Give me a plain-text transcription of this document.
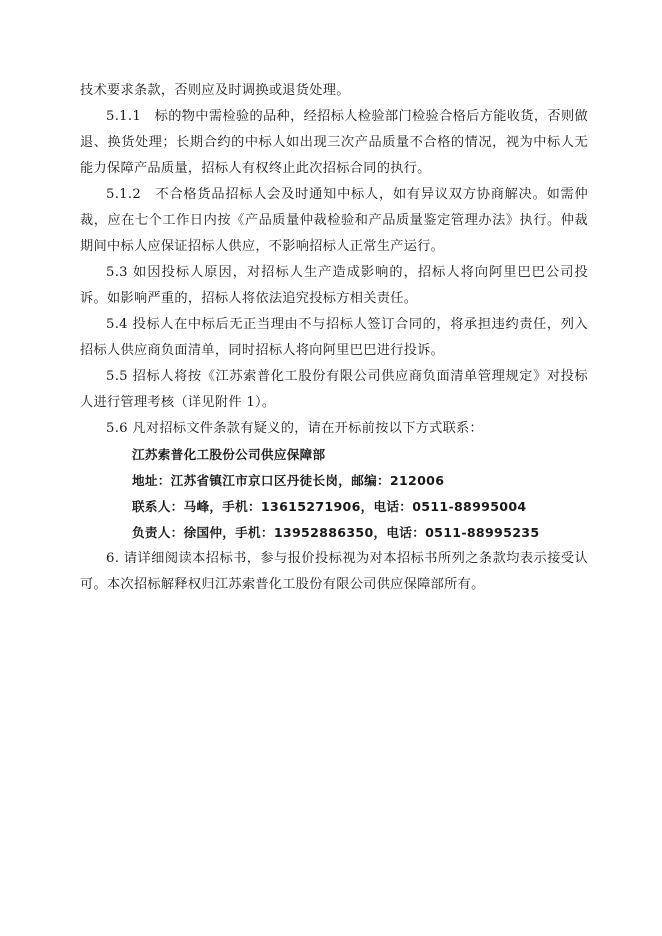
技术要求条款，否则应及时调换或退货处理。

5.1.1　标的物中需检验的品种，经招标人检验部门检验合格后方能收货，否则做退、换货处理；长期合约的中标人如出现三次产品质量不合格的情况，视为中标人无能力保障产品质量，招标人有权终止此次招标合同的执行。

5.1.2　不合格货品招标人会及时通知中标人，如有异议双方协商解决。如需仲裁，应在七个工作日内按《产品质量仲裁检验和产品质量鉴定管理办法》执行。仲裁期间中标人应保证招标人供应，不影响招标人正常生产运行。

5.3 如因投标人原因，对招标人生产造成影响的，招标人将向阿里巴巴公司投诉。如影响严重的，招标人将依法追究投标方相关责任。

5.4 投标人在中标后无正当理由不与招标人签订合同的，将承担违约责任，列入招标人供应商负面清单，同时招标人将向阿里巴巴进行投诉。

5.5 招标人将按《江苏索普化工股份有限公司供应商负面清单管理规定》对投标人进行管理考核（详见附件 1）。

5.6 凡对招标文件条款有疑义的，请在开标前按以下方式联系：

江苏索普化工股份公司供应保障部

地址：江苏省镇江市京口区丹徒长岗，邮编：212006

联系人：马峰，手机：13615271906，电话：0511-88995004

负责人：徐国仲，手机：13952886350，电话：0511-88995235

6. 请详细阅读本招标书，参与报价投标视为对本招标书所列之条款均表示接受认可。本次招标解释权归江苏索普化工股份有限公司供应保障部所有。
